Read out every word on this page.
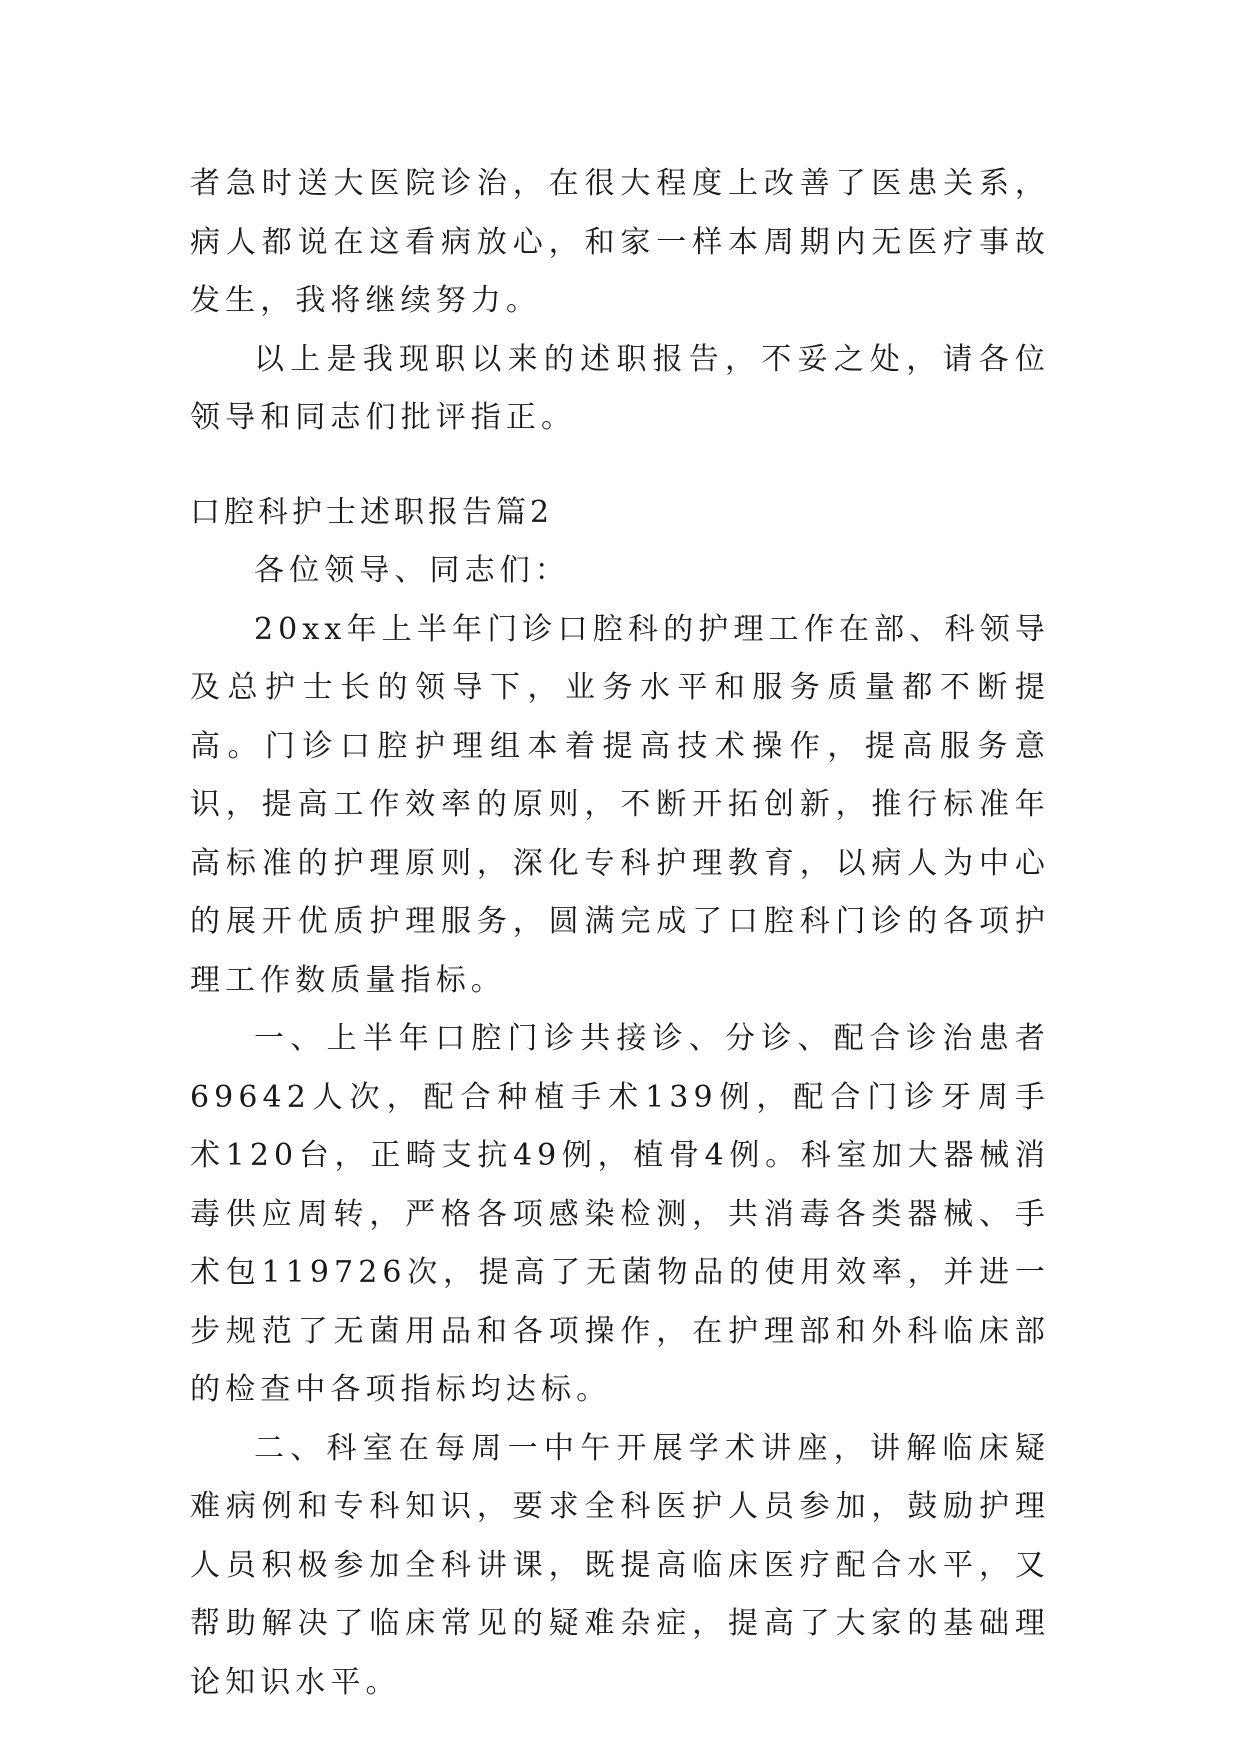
者急时送大医院诊治，在很大程度上改善了医患关系，病人都说在这看病放心，和家一样本周期内无医疗事故发生，我将继续努力。

以上是我现职以来的述职报告，不妥之处，请各位领导和同志们批评指正。

口腔科护士述职报告篇2

各位领导、同志们：

20xx年上半年门诊口腔科的护理工作在部、科领导及总护士长的领导下，业务水平和服务质量都不断提高。门诊口腔护理组本着提高技术操作，提高服务意识，提高工作效率的原则，不断开拓创新，推行标准年高标准的护理原则，深化专科护理教育，以病人为中心的展开优质护理服务，圆满完成了口腔科门诊的各项护理工作数质量指标。

一、上半年口腔门诊共接诊、分诊、配合诊治患者69642人次，配合种植手术139例，配合门诊牙周手术120台，正畸支抗49例，植骨4例。科室加大器械消毒供应周转，严格各项感染检测，共消毒各类器械、手术包119726次，提高了无菌物品的使用效率，并进一步规范了无菌用品和各项操作，在护理部和外科临床部的检查中各项指标均达标。

二、科室在每周一中午开展学术讲座，讲解临床疑难病例和专科知识，要求全科医护人员参加，鼓励护理人员积极参加全科讲课，既提高临床医疗配合水平，又帮助解决了临床常见的疑难杂症，提高了大家的基础理论知识水平。
